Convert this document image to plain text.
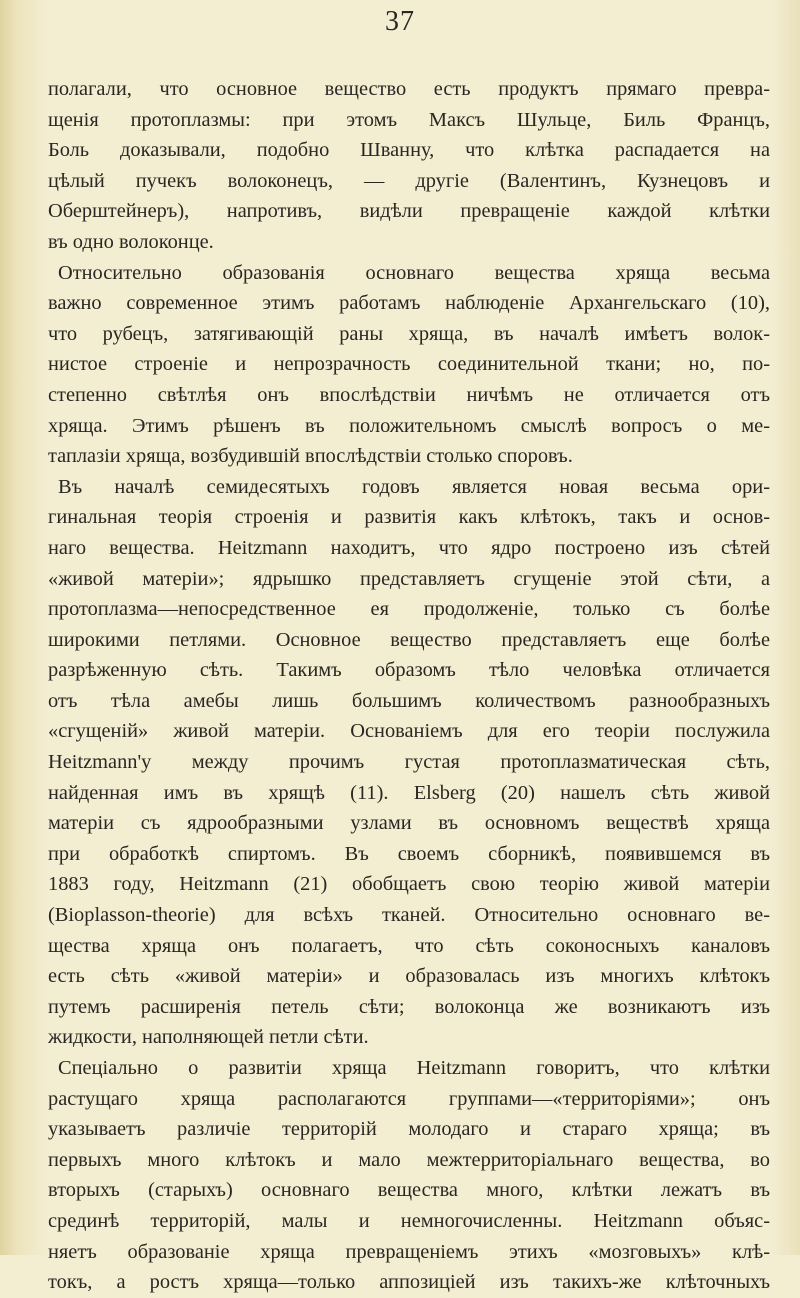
37
полагали, что основное вещество есть продуктъ прямаго превра-
щенія протоплазмы: при этомъ Максъ Шульце, Биль Францъ,
Боль доказывали, подобно Шванну, что клѣтка распадается на
цѣлый пучекъ волоконецъ, — другіе (Валентинъ, Кузнецовъ и
Оберштейнеръ), напротивъ, видѣли превращеніе каждой клѣтки
въ одно волоконце.
Относительно образованія основнаго вещества хряща весьма
важно современное этимъ работамъ наблюденіе Архангельскаго (10),
что рубецъ, затягивающій раны хряща, въ началѣ имѣетъ волок-
нистое строеніе и непрозрачность соединительной ткани; но, по-
степенно свѣтлѣя онъ впослѣдствіи ничѣмъ не отличается отъ
хряща. Этимъ рѣшенъ въ положительномъ смыслѣ вопросъ о ме-
таплазіи хряща, возбудившій впослѣдствіи столько споровъ.
Въ началѣ семидесятыхъ годовъ является новая весьма ори-
гинальная теорія строенія и развитія какъ клѣтокъ, такъ и основ-
наго вещества. Heitzmann находитъ, что ядро построено изъ сѣтей
«живой матеріи»; ядрышко представляетъ сгущеніе этой сѣти, а
протоплазма—непосредственное ея продолженіе, только съ болѣе
широкими петлями. Основное вещество представляетъ еще болѣе
разрѣженную сѣть. Такимъ образомъ тѣло человѣка отличается
отъ тѣла амебы лишь большимъ количествомъ разнообразныхъ
«сгущеній» живой матеріи. Основаніемъ для его теоріи послужила
Heitzmann'у между прочимъ густая протоплазматическая сѣть,
найденная имъ въ хрящѣ (11). Elsberg (20) нашелъ сѣть живой
матеріи съ ядрообразными узлами въ основномъ веществѣ хряща
при обработкѣ спиртомъ. Въ своемъ сборникѣ, появившемся въ
1883 году, Heitzmann (21) обобщаетъ свою теорію живой матеріи
(Bioplasson-theorie) для всѣхъ тканей. Относительно основнаго ве-
щества хряща онъ полагаетъ, что сѣть соконосныхъ каналовъ
есть сѣть «живой матеріи» и образовалась изъ многихъ клѣтокъ
путемъ расширенія петель сѣти; волоконца же возникаютъ изъ
жидкости, наполняющей петли сѣти.
Спеціально о развитіи хряща Heitzmann говоритъ, что клѣтки
растущаго хряща располагаются группами—«территоріями»; онъ
указываетъ различіе территорій молодаго и стараго хряща; въ
первыхъ много клѣтокъ и мало межтерриторіальнаго вещества, во
вторыхъ (старыхъ) основнаго вещества много, клѣтки лежатъ въ
срединѣ территорій, малы и немногочисленны. Heitzmann объяс-
няетъ образованіе хряща превращеніемъ этихъ «мозговыхъ» клѣ-
токъ, а ростъ хряща—только аппозиціей изъ такихъ-же клѣточныхъ
